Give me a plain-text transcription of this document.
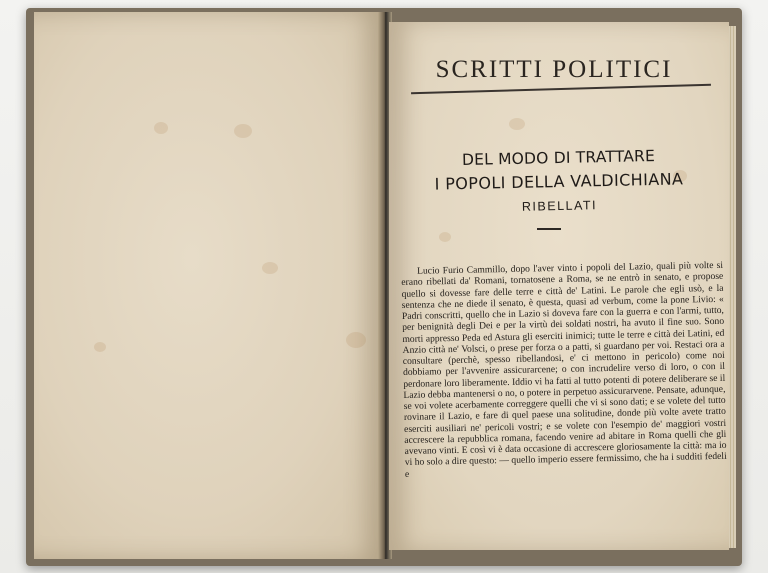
SCRITTI POLITICI
DEL MODO DI TRATTARE
I POPOLI DELLA VALDICHIANA
RIBELLATI

Lucio Furio Cammillo, dopo l'aver vinto i popoli del Lazio, quali più volte si erano ribellati da' Romani, tornatosene a Roma, se ne entrò in senato, e propose quello si dovesse fare delle terre e città de' Latini. Le parole che egli usò, e la sentenza che ne diede il senato, è questa, quasi ad verbum, come la pone Livio: « Padri conscritti, quello che in Lazio si doveva fare con la guerra e con l'armi, tutto, per benignità degli Dei e per la virtù dei soldati nostri, ha avuto il fine suo. Sono morti appresso Peda ed Astura gli eserciti inimici; tutte le terre e città dei Latini, ed Anzio città ne' Volsci, o prese per forza o a patti, si guardano per voi. Restaci ora a consultare (perchè, spesso ribellandosi, e' ci mettono in pericolo) come noi dobbiamo per l'avvenire assicurarcene; o con incrudelire verso di loro, o con il perdonare loro liberamente. Iddio vi ha fatti al tutto potenti di potere deliberare se il Lazio debba mantenersi o no, o potere in perpetuo assicurarvene. Pensate, adunque, se voi volete acerbamente correggere quelli che vi si sono dati; e se volete del tutto rovinare il Lazio, e fare di quel paese una solitudine, donde più volte avete tratto eserciti ausiliari ne' pericoli vostri; e se volete con l'esempio de' maggiori vostri accrescere la repubblica romana, facendo venire ad abitare in Roma quelli che gli avevano vinti. E così vi è data occasione di accrescere gloriosamente la città: ma io vi ho solo a dire questo: — quello imperio essere fermissimo, che ha i sudditi fedeli e
